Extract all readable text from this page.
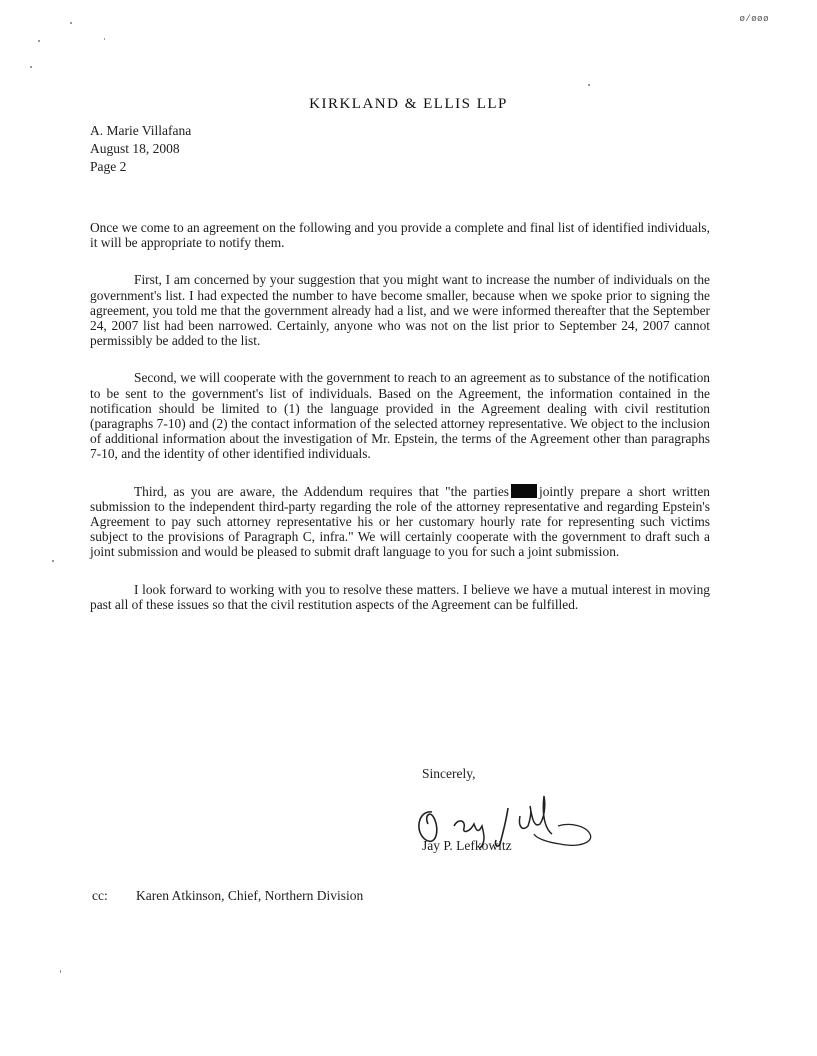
ø/øøø
KIRKLAND & ELLIS LLP
A. Marie Villafana
August 18, 2008
Page 2

Once we come to an agreement on the following and you provide a complete and final list of identified individuals, it will be appropriate to notify them.

First, I am concerned by your suggestion that you might want to increase the number of individuals on the government's list. I had expected the number to have become smaller, because when we spoke prior to signing the agreement, you told me that the government already had a list, and we were informed thereafter that the September 24, 2007 list had been narrowed. Certainly, anyone who was not on the list prior to September 24, 2007 cannot permissibly be added to the list.

Second, we will cooperate with the government to reach to an agreement as to substance of the notification to be sent to the government's list of individuals. Based on the Agreement, the information contained in the notification should be limited to (1) the language provided in the Agreement dealing with civil restitution (paragraphs 7-10) and (2) the contact information of the selected attorney representative. We object to the inclusion of additional information about the investigation of Mr. Epstein, the terms of the Agreement other than paragraphs 7-10, and the identity of other identified individuals.

Third, as you are aware, the Addendum requires that "the parties jointly prepare a short written submission to the independent third-party regarding the role of the attorney representative and regarding Epstein's Agreement to pay such attorney representative his or her customary hourly rate for representing such victims subject to the provisions of Paragraph C, infra." We will certainly cooperate with the government to draft such a joint submission and would be pleased to submit draft language to you for such a joint submission.

I look forward to working with you to resolve these matters. I believe we have a mutual interest in moving past all of these issues so that the civil restitution aspects of the Agreement can be fulfilled.

Sincerely,
Jay P. Lefkowitz
cc: Karen Atkinson, Chief, Northern Division
